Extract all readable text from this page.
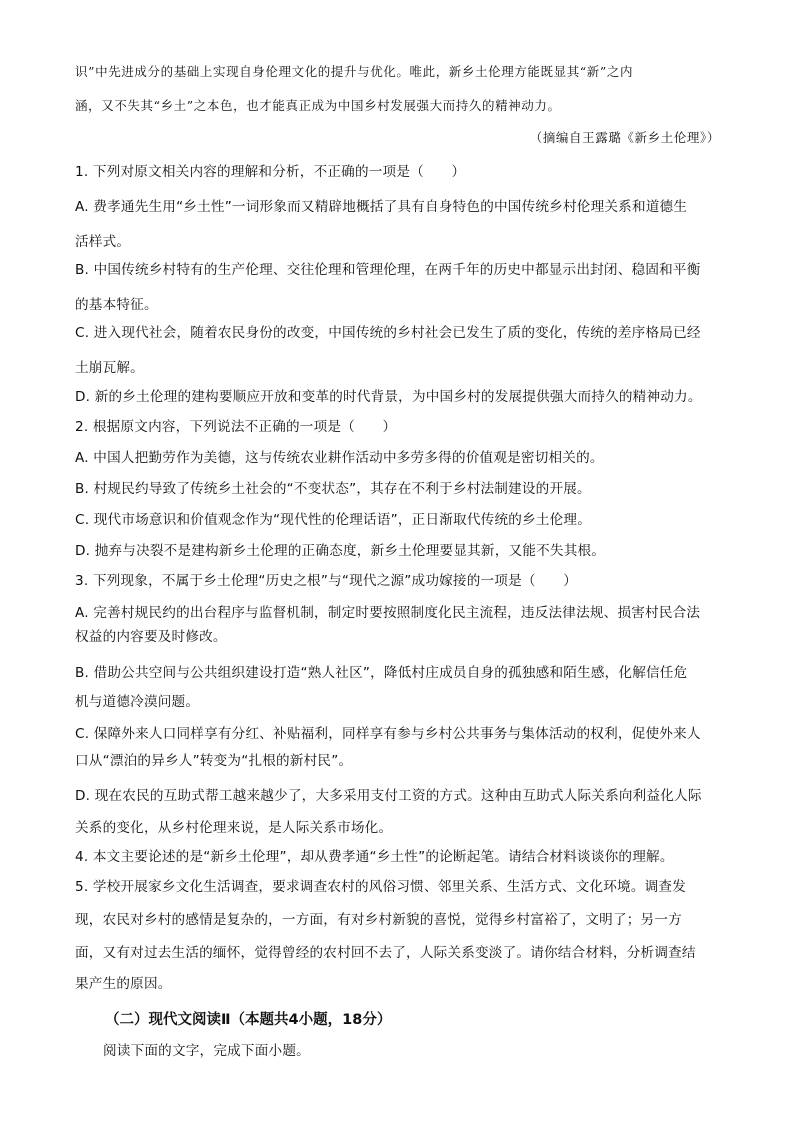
识”中先进成分的基础上实现自身伦理文化的提升与优化。唯此，新乡土伦理方能既显其“新”之内
涵，又不失其“乡土”之本色，也才能真正成为中国乡村发展强大而持久的精神动力。
（摘编自王露璐《新乡土伦理》）
1. 下列对原文相关内容的理解和分析，不正确的一项是（　　）
A. 费孝通先生用“乡土性”一词形象而又精辟地概括了具有自身特色的中国传统乡村伦理关系和道德生
活样式。
B. 中国传统乡村特有的生产伦理、交往伦理和管理伦理，在两千年的历史中都显示出封闭、稳固和平衡
的基本特征。
C. 进入现代社会，随着农民身份的改变，中国传统的乡村社会已发生了质的变化，传统的差序格局已经
土崩瓦解。
D. 新的乡土伦理的建构要顺应开放和变革的时代背景，为中国乡村的发展提供强大而持久的精神动力。
2. 根据原文内容，下列说法不正确的一项是（　　）
A. 中国人把勤劳作为美德，这与传统农业耕作活动中多劳多得的价值观是密切相关的。
B. 村规民约导致了传统乡土社会的“不变状态”，其存在不利于乡村法制建设的开展。
C. 现代市场意识和价值观念作为“现代性的伦理话语”，正日渐取代传统的乡土伦理。
D. 抛弃与决裂不是建构新乡土伦理的正确态度，新乡土伦理要显其新，又能不失其根。
3. 下列现象，不属于乡土伦理“历史之根”与“现代之源”成功嫁接的一项是（　　）
A. 完善村规民约的出台程序与监督机制，制定时要按照制度化民主流程，违反法律法规、损害村民合法
权益的内容要及时修改。
B. 借助公共空间与公共组织建设打造“熟人社区”，降低村庄成员自身的孤独感和陌生感，化解信任危
机与道德冷漠问题。
C. 保障外来人口同样享有分红、补贴福利，同样享有参与乡村公共事务与集体活动的权利，促使外来人
口从“漂泊的异乡人”转变为“扎根的新村民”。
D. 现在农民的互助式帮工越来越少了，大多采用支付工资的方式。这种由互助式人际关系向利益化人际
关系的变化，从乡村伦理来说，是人际关系市场化。
4. 本文主要论述的是“新乡土伦理”，却从费孝通“乡土性”的论断起笔。请结合材料谈谈你的理解。
5. 学校开展家乡文化生活调查，要求调查农村的风俗习惯、邻里关系、生活方式、文化环境。调查发
现，农民对乡村的感情是复杂的，一方面，有对乡村新貌的喜悦，觉得乡村富裕了，文明了；另一方
面，又有对过去生活的缅怀，觉得曾经的农村回不去了，人际关系变淡了。请你结合材料，分析调查结
果产生的原因。
（二）现代文阅读Ⅱ（本题共4小题，18分）
阅读下面的文字，完成下面小题。
